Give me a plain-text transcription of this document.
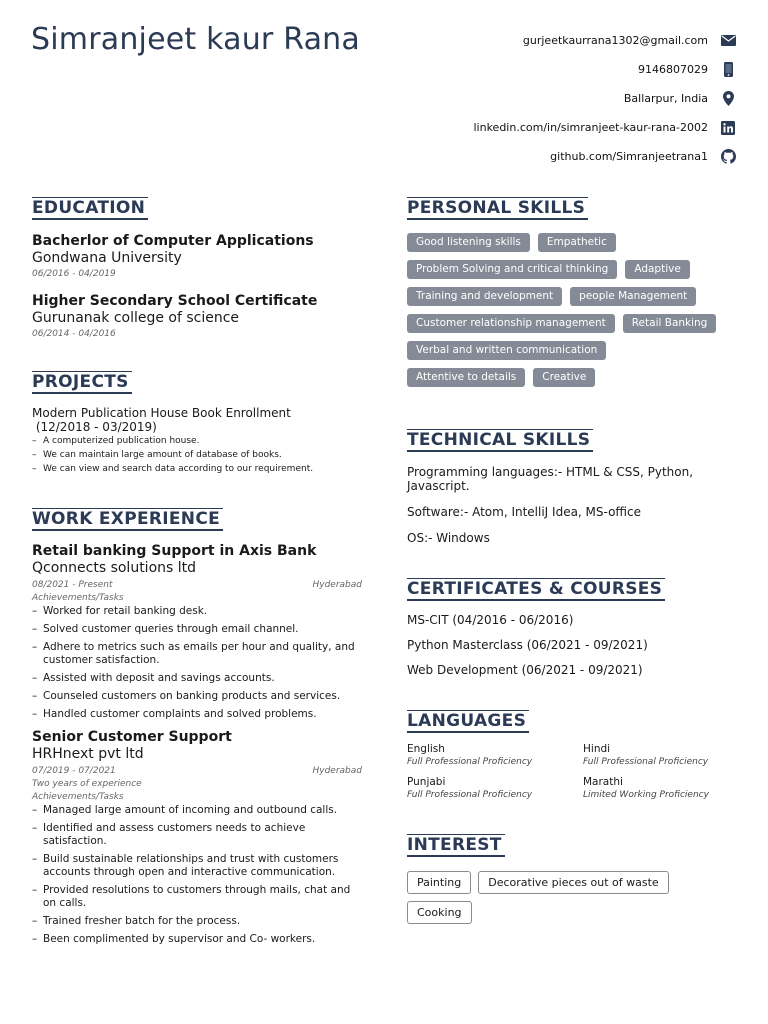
Simranjeet kaur Rana	gurjeetkaurrana1302@gmail.com
9146807029
Ballarpur, India
linkedin.com/in/simranjeet-kaur-rana-2002
github.com/Simranjeetrana1
EDUCATION
Bacherlor of Computer Applications
Gondwana University
06/2016 - 04/2019
Higher Secondary School Certificate
Gurunanak college of science
06/2014 - 04/2016
PROJECTS
Modern Publication House Book Enrollment
(12/2018 - 03/2019)
– A computerized publication house.
– We can maintain large amount of database of books.
– We can view and search data according to our requirement.
WORK EXPERIENCE
Retail banking Support in Axis Bank
Qconnects solutions ltd
08/2021 - Present	Hyderabad
Achievements/Tasks
– Worked for retail banking desk.
– Solved customer queries through email channel.
– Adhere to metrics such as emails per hour and quality, and customer satisfaction.
– Assisted with deposit and savings accounts.
– Counseled customers on banking products and services.
– Handled customer complaints and solved problems.
Senior Customer Support
HRHnext pvt ltd
07/2019 - 07/2021	Hyderabad
Two years of experience
Achievements/Tasks
– Managed large amount of incoming and outbound calls.
– Identified and assess customers needs to achieve satisfaction.
– Build sustainable relationships and trust with customers accounts through open and interactive communication.
– Provided resolutions to customers through mails, chat and on calls.
– Trained fresher batch for the process.
– Been complimented by supervisor and Co- workers.
PERSONAL SKILLS
Good listening skills	Empathetic
Problem Solving and critical thinking	Adaptive
Training and development	people Management
Customer relationship management	Retail Banking
Verbal and written communication
Attentive to details	Creative
TECHNICAL SKILLS
Programming languages:- HTML & CSS, Python, Javascript.
Software:- Atom, IntelliJ Idea, MS-office
OS:- Windows
CERTIFICATES & COURSES
MS-CIT (04/2016 - 06/2016)
Python Masterclass (06/2021 - 09/2021)
Web Development (06/2021 - 09/2021)
LANGUAGES
English
Full Professional Proficiency
Hindi
Full Professional Proficiency
Punjabi
Full Professional Proficiency
Marathi
Limited Working Proficiency
INTEREST
Painting	Decorative pieces out of waste
Cooking
